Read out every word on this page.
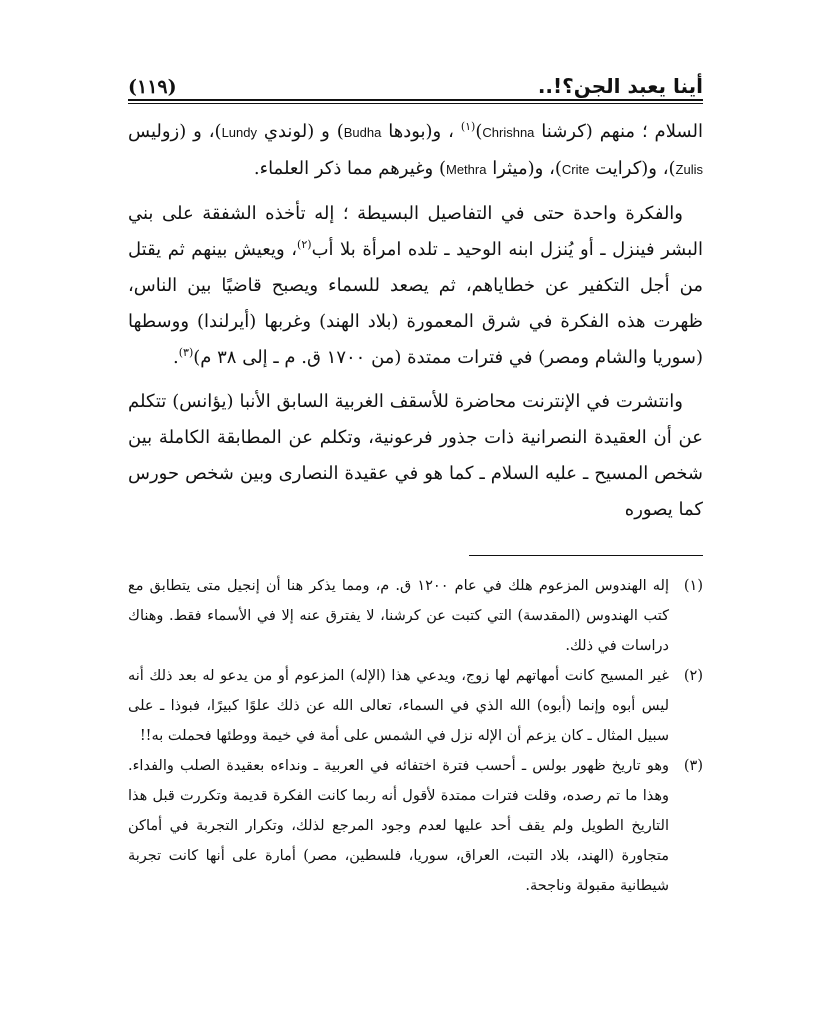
(١١٩)	أينا يعبد الجن؟!..

السلام ؛ منهم (كرشنا Chrishna)$^{(١)}$ ، و(بودها Budha) و (لوندي Lundy)، و (زوليس Zulis)، و(كرايت Crite)، و(ميثرا Methra) وغيرهم مما ذكر العلماء.

والفكرة واحدة حتى في التفاصيل البسيطة ؛ إله تأخذه الشفقة على بني البشر فينزل ـ أو يُنزل ابنه الوحيد ـ تلده امرأة بلا أب$^{(٢)}$، ويعيش بينهم ثم يقتل من أجل التكفير عن خطاياهم، ثم يصعد للسماء ويصبح قاضيًا بين الناس، ظهرت هذه الفكرة في شرق المعمورة (بلاد الهند) وغربها (أيرلندا) ووسطها (سوريا والشام ومصر) في فترات ممتدة (من ١٧٠٠ ق. م ـ إلى ٣٨ م)$^{(٣)}$.

وانتشرت في الإنترنت محاضرة للأسقف الغربية السابق الأنبا (يؤانس) تتكلم عن أن العقيدة النصرانية ذات جذور فرعونية، وتكلم عن المطابقة الكاملة بين شخص المسيح ـ عليه السلام ـ كما هو في عقيدة النصارى وبين شخص حورس كما يصوره

(١)
إله الهندوس المزعوم هلك في عام ١٢٠٠ ق. م، ومما يذكر هنا أن إنجيل متى يتطابق مع كتب الهندوس (المقدسة) التي كتبت عن كرشنا، لا يفترق عنه إلا في الأسماء فقط. وهناك دراسات في ذلك.
(٢)
غير المسيح كانت أمهاتهم لها زوج، ويدعي هذا (الإله) المزعوم أو من يدعو له بعد ذلك أنه ليس أبوه وإنما (أبوه) الله الذي في السماء، تعالى الله عن ذلك علوًا كبيرًا، فبوذا ـ على سبيل المثال ـ كان يزعم أن الإله نزل في الشمس على أمة في خيمة ووطئها فحملت به!!
(٣)
وهو تاريخ ظهور بولس ـ أحسب فترة اختفائه في العربية ـ ونداءه بعقيدة الصلب والفداء. وهذا ما تم رصده، وقلت فترات ممتدة لأقول أنه ربما كانت الفكرة قديمة وتكررت قبل هذا التاريخ الطويل ولم يقف أحد عليها لعدم وجود المرجع لذلك، وتكرار التجربة في أماكن متجاورة (الهند، بلاد التبت، العراق، سوريا، فلسطين، مصر) أمارة على أنها كانت تجربة شيطانية مقبولة وناجحة.
